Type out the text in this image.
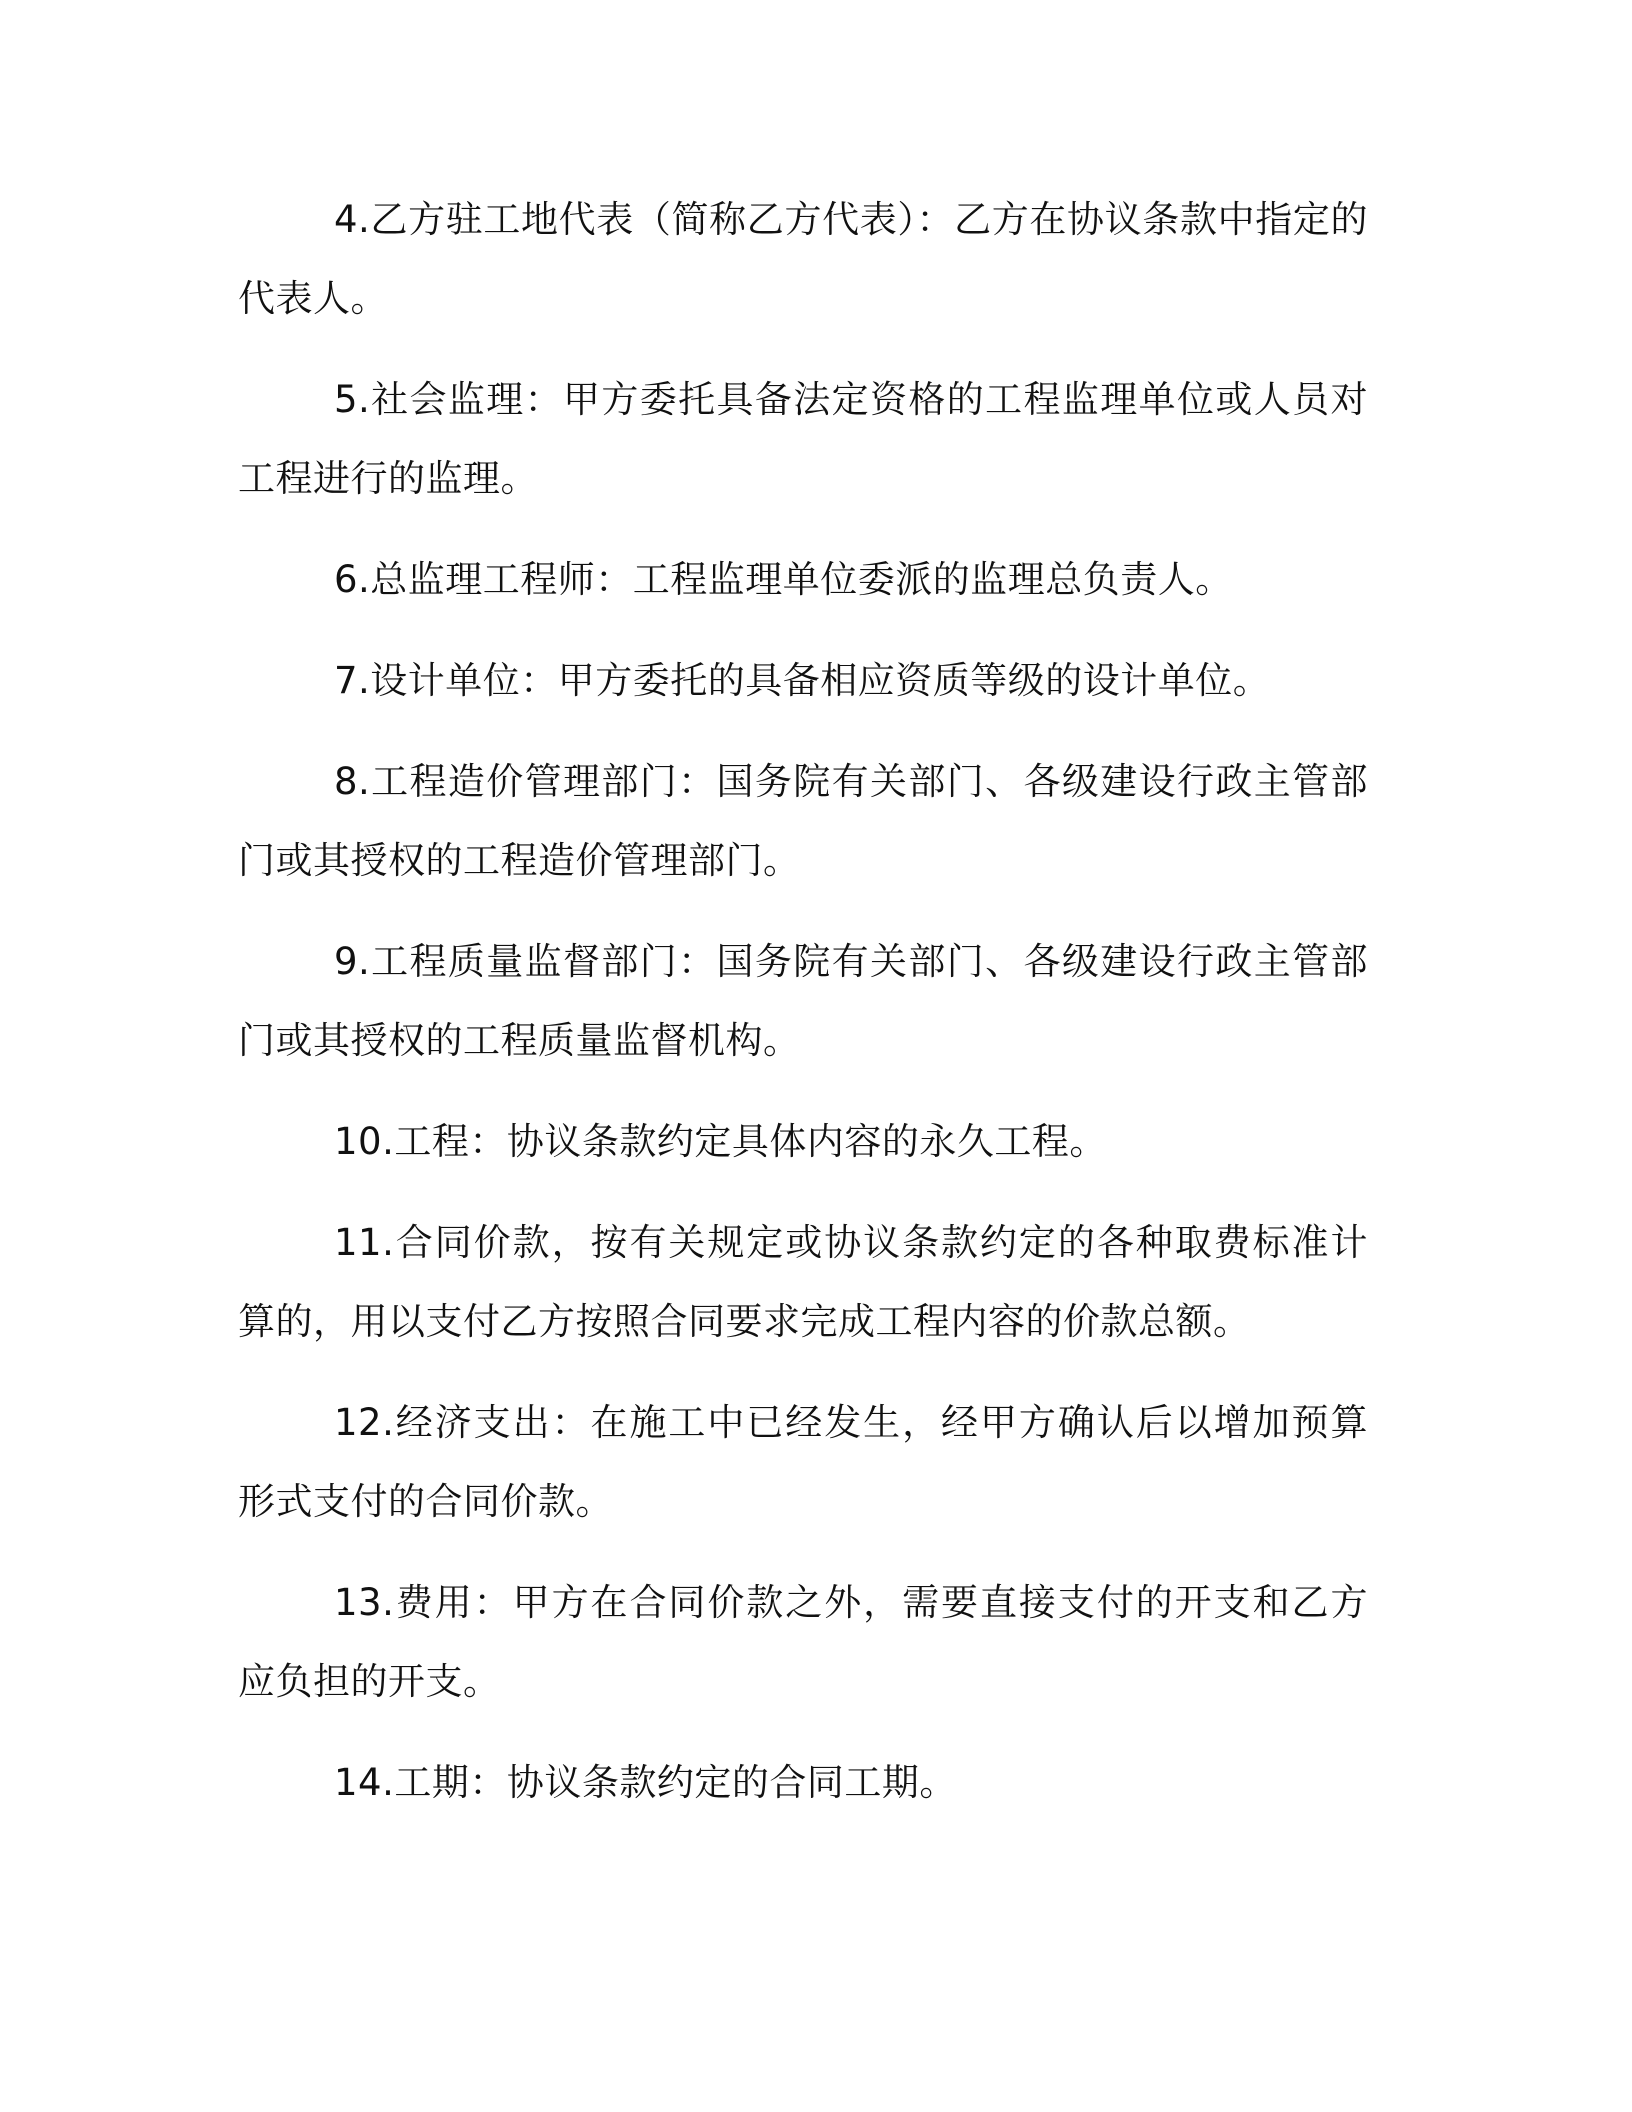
4.乙方驻工地代表（简称乙方代表）：乙方在协议条款中指定的代表人。

5.社会监理：甲方委托具备法定资格的工程监理单位或人员对工程进行的监理。

6.总监理工程师：工程监理单位委派的监理总负责人。

7.设计单位：甲方委托的具备相应资质等级的设计单位。

8.工程造价管理部门：国务院有关部门、各级建设行政主管部门或其授权的工程造价管理部门。

9.工程质量监督部门：国务院有关部门、各级建设行政主管部门或其授权的工程质量监督机构。

10.工程：协议条款约定具体内容的永久工程。

11.合同价款，按有关规定或协议条款约定的各种取费标准计算的，用以支付乙方按照合同要求完成工程内容的价款总额。

12.经济支出：在施工中已经发生，经甲方确认后以增加预算形式支付的合同价款。

13.费用：甲方在合同价款之外，需要直接支付的开支和乙方应负担的开支。

14.工期：协议条款约定的合同工期。
